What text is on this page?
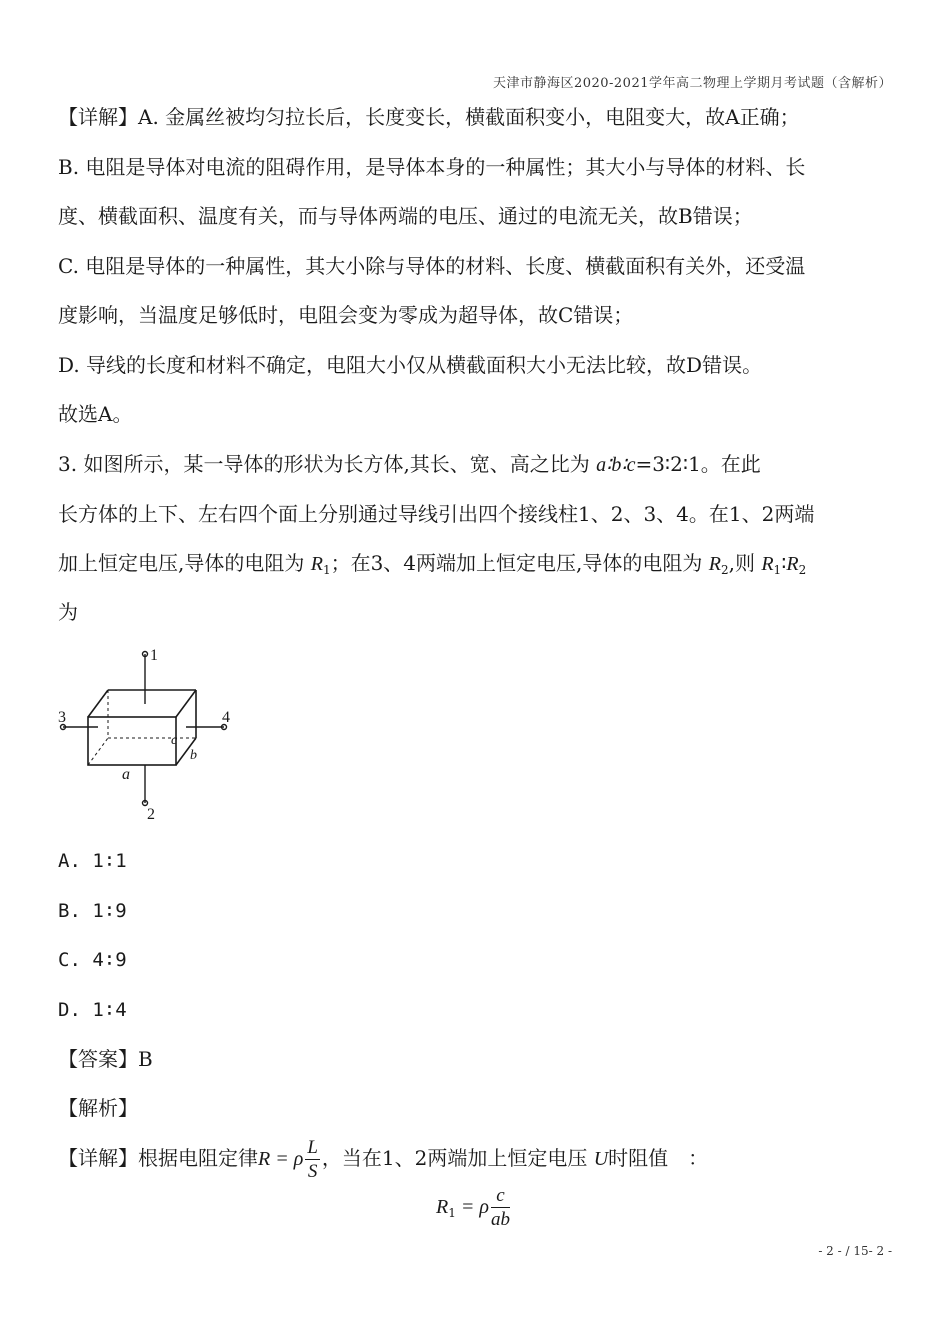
天津市静海区2020-2021学年高二物理上学期月考试题（含解析）
【详解】A. 金属丝被均匀拉长后，长度变长，横截面积变小，电阻变大，故A正确；
B. 电阻是导体对电流的阻碍作用，是导体本身的一种属性；其大小与导体的材料、长
度、横截面积、温度有关，而与导体两端的电压、通过的电流无关，故B错误；
C. 电阻是导体的一种属性，其大小除与导体的材料、长度、横截面积有关外，还受温
度影响，当温度足够低时，电阻会变为零成为超导体，故C错误；
D. 导线的长度和材料不确定，电阻大小仅从横截面积大小无法比较，故D错误。
故选A。
3. 如图所示，某一导体的形状为长方体,其长、宽、高之比为 a∶b∶c=3∶2∶1。在此
长方体的上下、左右四个面上分别通过导线引出四个接线柱1、2、3、4。在1、2两端
加上恒定电压,导体的电阻为 $R_1$；在3、4两端加上恒定电压,导体的电阻为 $R_2$,则 $R_1∶R_2$
为
1
2
3	4
a
b
c
A. 1∶1
B. 1∶9
C. 4∶9
D. 1∶4
【答案】B
【解析】
【详解】根据电阻定律R = ρ $\frac{L}{S}$ ，当在1、2两端加上恒定电压 U时阻值　：
$R_1 = \rho \frac{c}{ab}$
- 2 - / 15- 2 -
